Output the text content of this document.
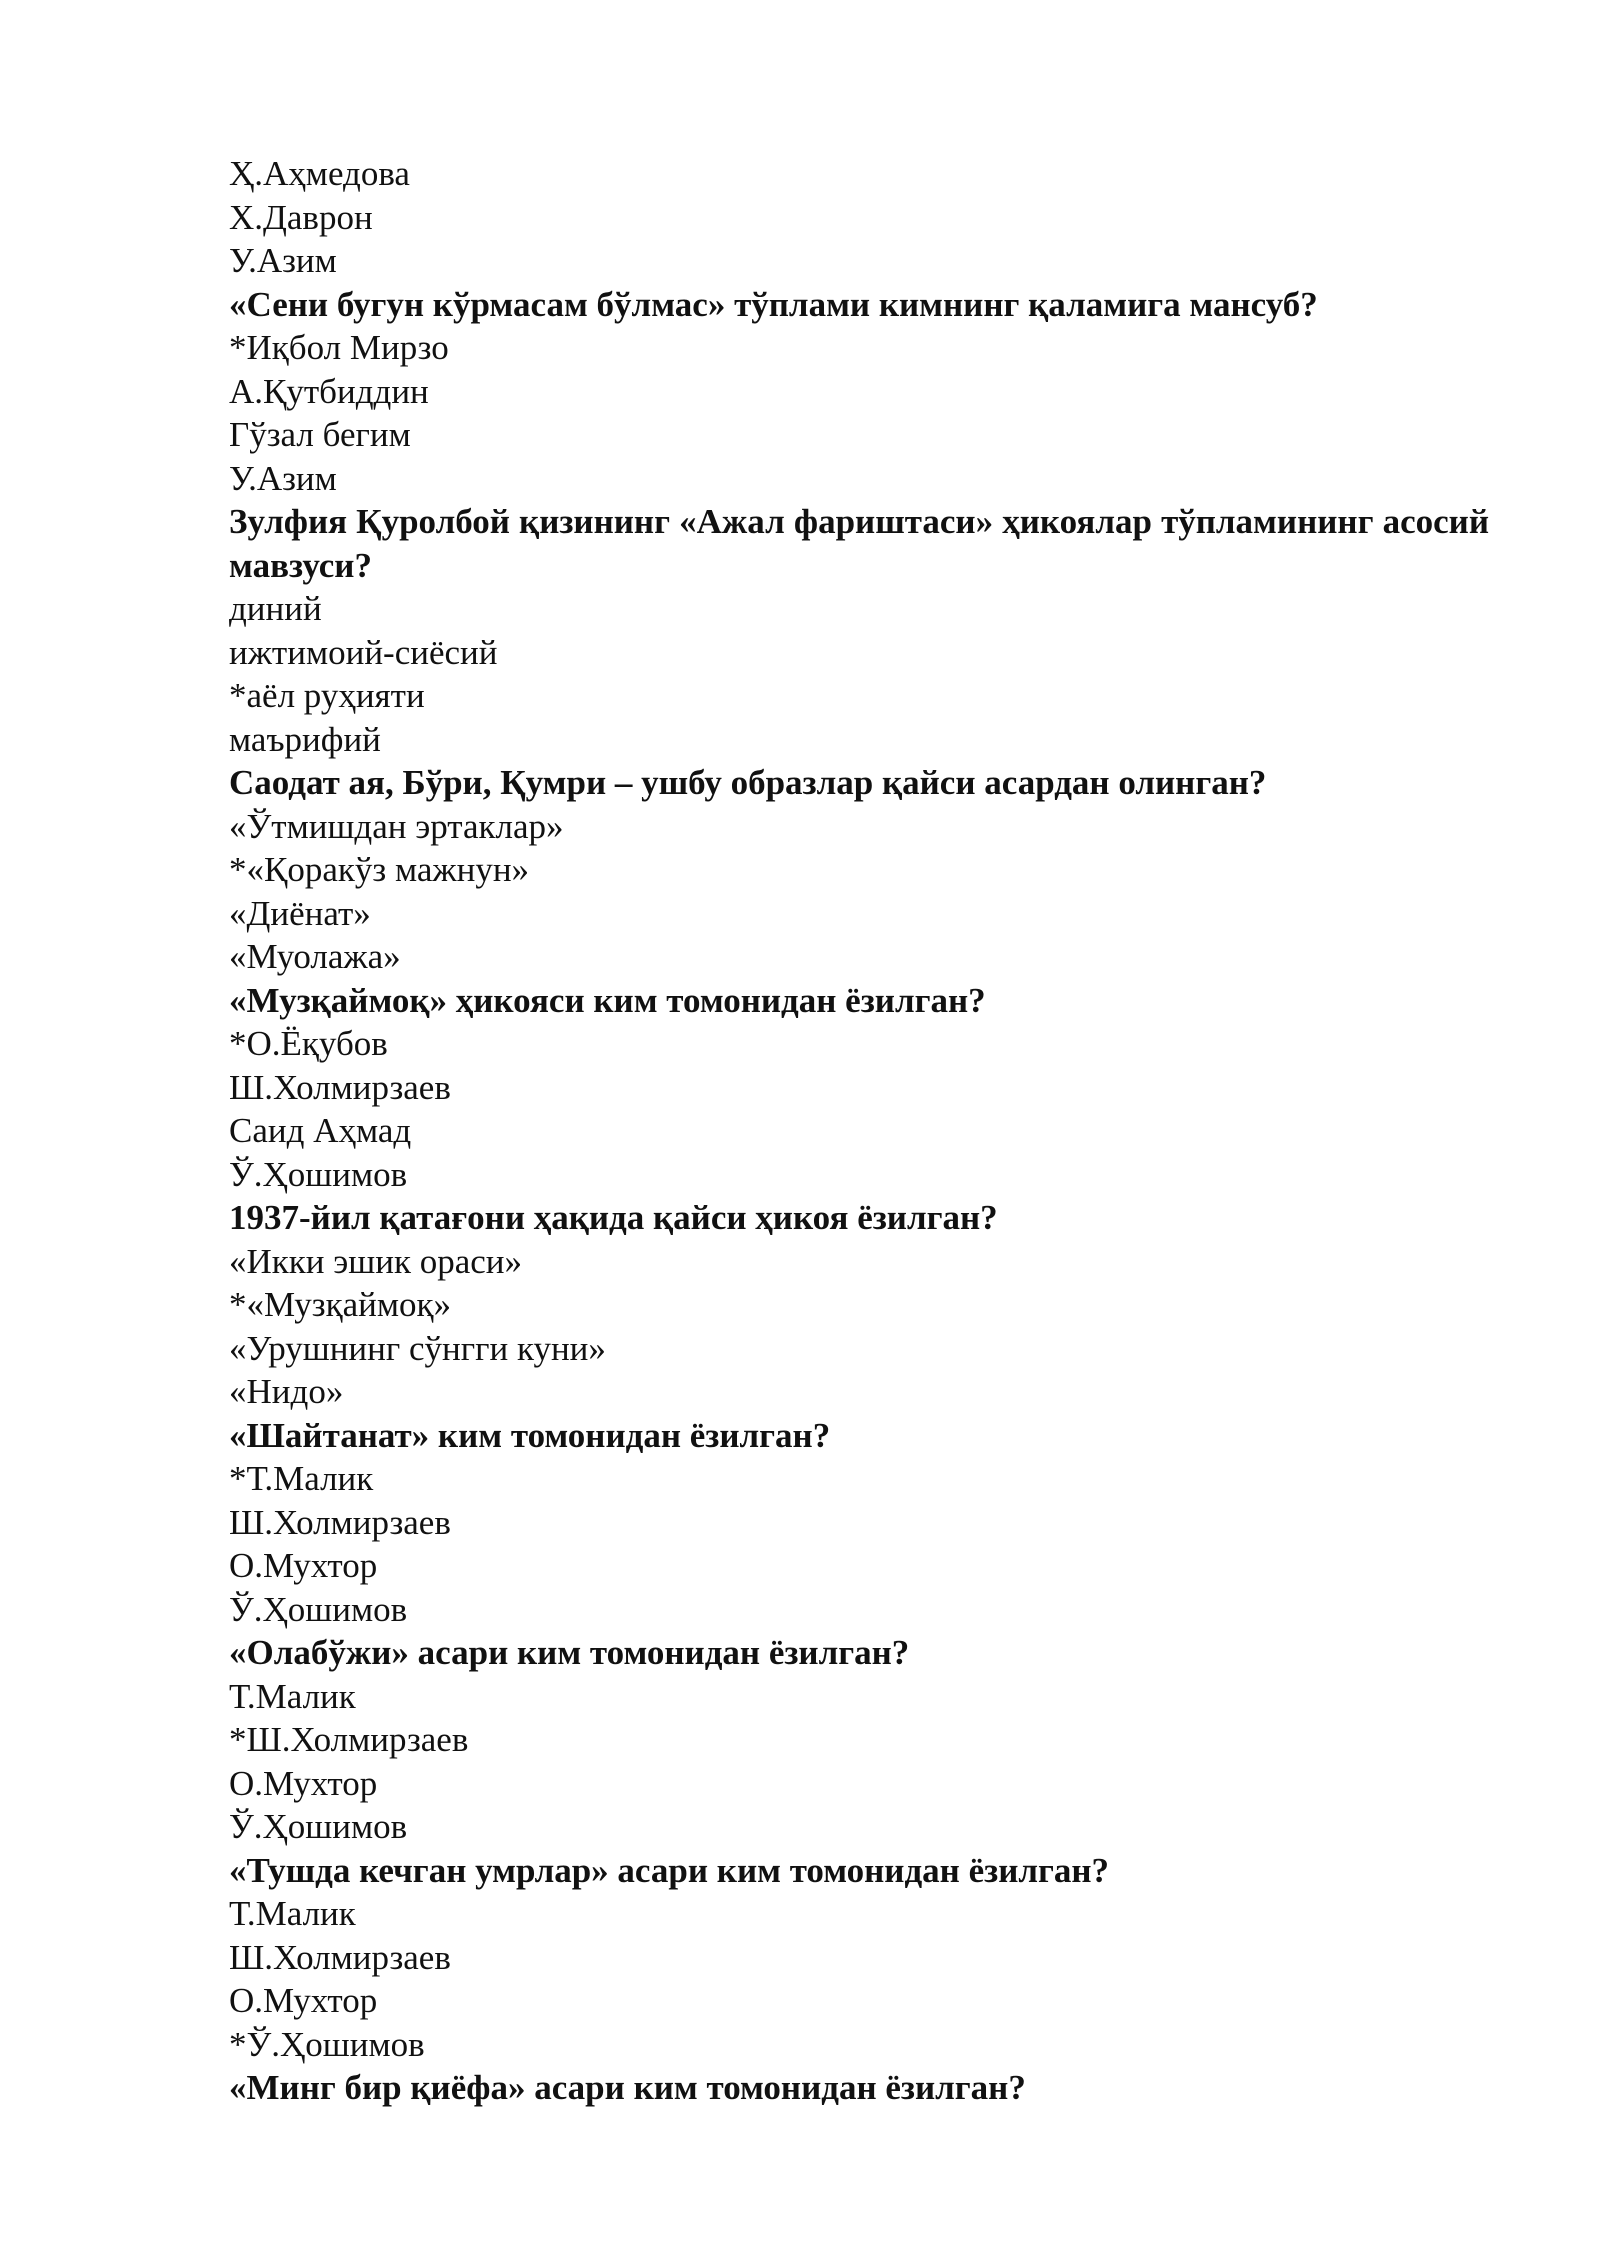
Ҳ.Аҳмедова
Х.Даврон
У.Азим
«Сени бугун кўрмасам бўлмас» тўплами кимнинг қаламига мансуб?
*Иқбол Мирзо
А.Қутбиддин
Гўзал бегим
У.Азим
Зулфия Қуролбой қизининг «Ажал фариштаси» ҳикоялар тўпламининг асосий мавзуси?
диний
ижтимоий-сиёсий
*аёл руҳияти
маърифий
Саодат ая, Бўри, Қумри – ушбу образлар қайси асардан олинган?
«Ўтмишдан эртаклар»
*«Қоракўз мажнун»
«Диёнат»
«Муолажа»
«Музқаймоқ» ҳикояси ким томонидан ёзилган?
*О.Ёқубов
Ш.Холмирзаев
Саид Аҳмад
Ў.Ҳошимов
1937-йил қатағони ҳақида қайси ҳикоя ёзилган?
«Икки эшик ораси»
*«Музқаймоқ»
«Урушнинг сўнгги куни»
«Нидо»
«Шайтанат» ким томонидан ёзилган?
*Т.Малик
Ш.Холмирзаев
О.Мухтор
Ў.Ҳошимов
«Олабўжи» асари ким томонидан ёзилган?
Т.Малик
*Ш.Холмирзаев
О.Мухтор
Ў.Ҳошимов
«Тушда кечган умрлар» асари ким томонидан ёзилган?
Т.Малик
Ш.Холмирзаев
О.Мухтор
*Ў.Ҳошимов
«Минг бир қиёфа» асари ким томонидан ёзилган?
